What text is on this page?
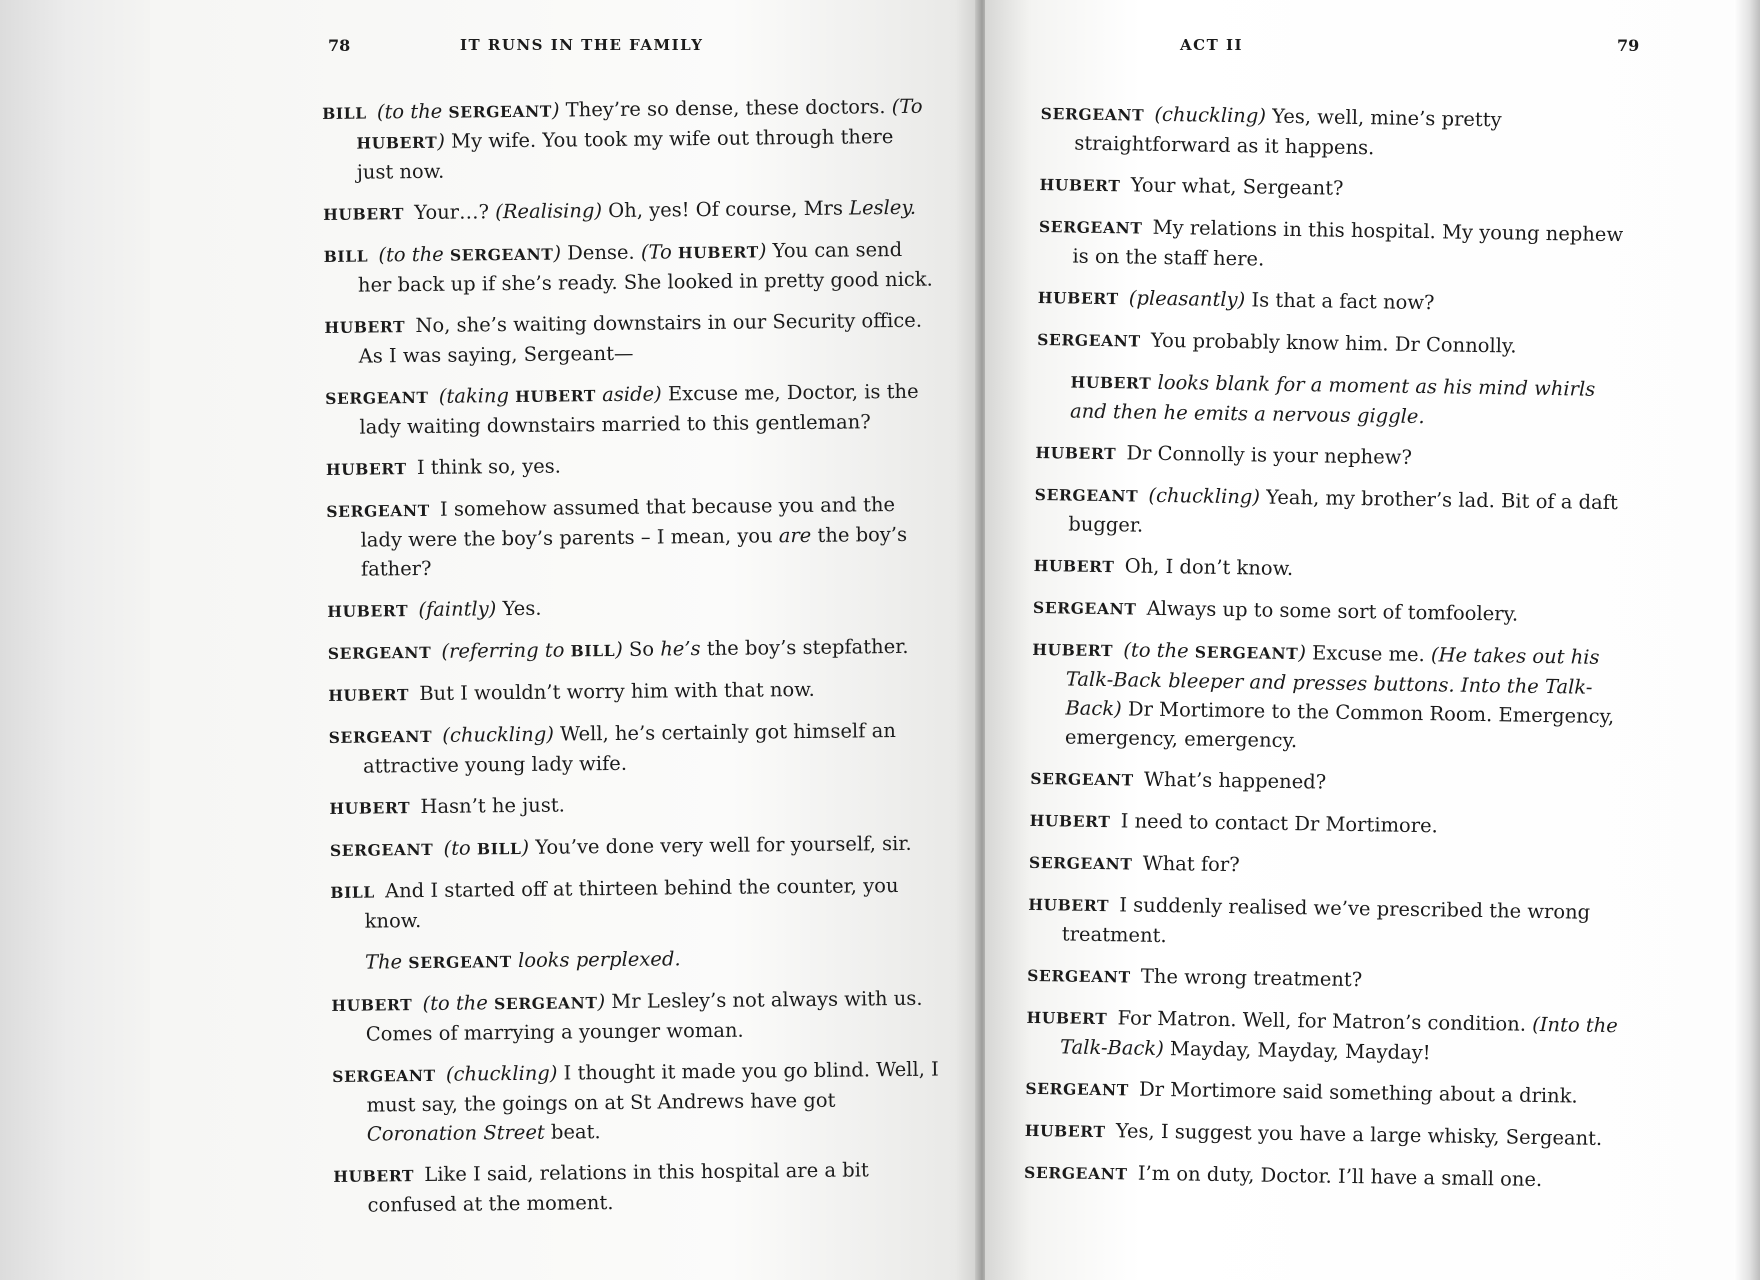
78	IT RUNS IN THE FAMILY

BILL (to the SERGEANT) They’re so dense, these doctors. (To HUBERT) My wife. You took my wife out through there just now.

HUBERT Your…? (Realising) Oh, yes! Of course, Mrs Lesley.

BILL (to the SERGEANT) Dense. (To HUBERT) You can send her back up if she’s ready. She looked in pretty good nick.

HUBERT No, she’s waiting downstairs in our Security office. As I was saying, Sergeant—

SERGEANT (taking HUBERT aside) Excuse me, Doctor, is the lady waiting downstairs married to this gentleman?

HUBERT I think so, yes.

SERGEANT I somehow assumed that because you and the lady were the boy’s parents – I mean, you are the boy’s father?

HUBERT (faintly) Yes.

SERGEANT (referring to BILL) So he’s the boy’s stepfather.

HUBERT But I wouldn’t worry him with that now.

SERGEANT (chuckling) Well, he’s certainly got himself an attractive young lady wife.

HUBERT Hasn’t he just.

SERGEANT (to BILL) You’ve done very well for yourself, sir.

BILL And I started off at thirteen behind the counter, you know.

The SERGEANT looks perplexed.

HUBERT (to the SERGEANT) Mr Lesley’s not always with us. Comes of marrying a younger woman.

SERGEANT (chuckling) I thought it made you go blind. Well, I must say, the goings on at St Andrews have got Coronation Street beat.

HUBERT Like I said, relations in this hospital are a bit confused at the moment.

ACT II	79

SERGEANT (chuckling) Yes, well, mine’s pretty straightforward as it happens.

HUBERT Your what, Sergeant?

SERGEANT My relations in this hospital. My young nephew is on the staff here.

HUBERT (pleasantly) Is that a fact now?

SERGEANT You probably know him. Dr Connolly.

HUBERT looks blank for a moment as his mind whirls and then he emits a nervous giggle.

HUBERT Dr Connolly is your nephew?

SERGEANT (chuckling) Yeah, my brother’s lad. Bit of a daft bugger.

HUBERT Oh, I don’t know.

SERGEANT Always up to some sort of tomfoolery.

HUBERT (to the SERGEANT) Excuse me. (He takes out his Talk-Back bleeper and presses buttons. Into the Talk-Back) Dr Mortimore to the Common Room. Emergency, emergency, emergency.

SERGEANT What’s happened?

HUBERT I need to contact Dr Mortimore.

SERGEANT What for?

HUBERT I suddenly realised we’ve prescribed the wrong treatment.

SERGEANT The wrong treatment?

HUBERT For Matron. Well, for Matron’s condition. (Into the Talk-Back) Mayday, Mayday, Mayday!

SERGEANT Dr Mortimore said something about a drink.

HUBERT Yes, I suggest you have a large whisky, Sergeant.

SERGEANT I’m on duty, Doctor. I’ll have a small one.
